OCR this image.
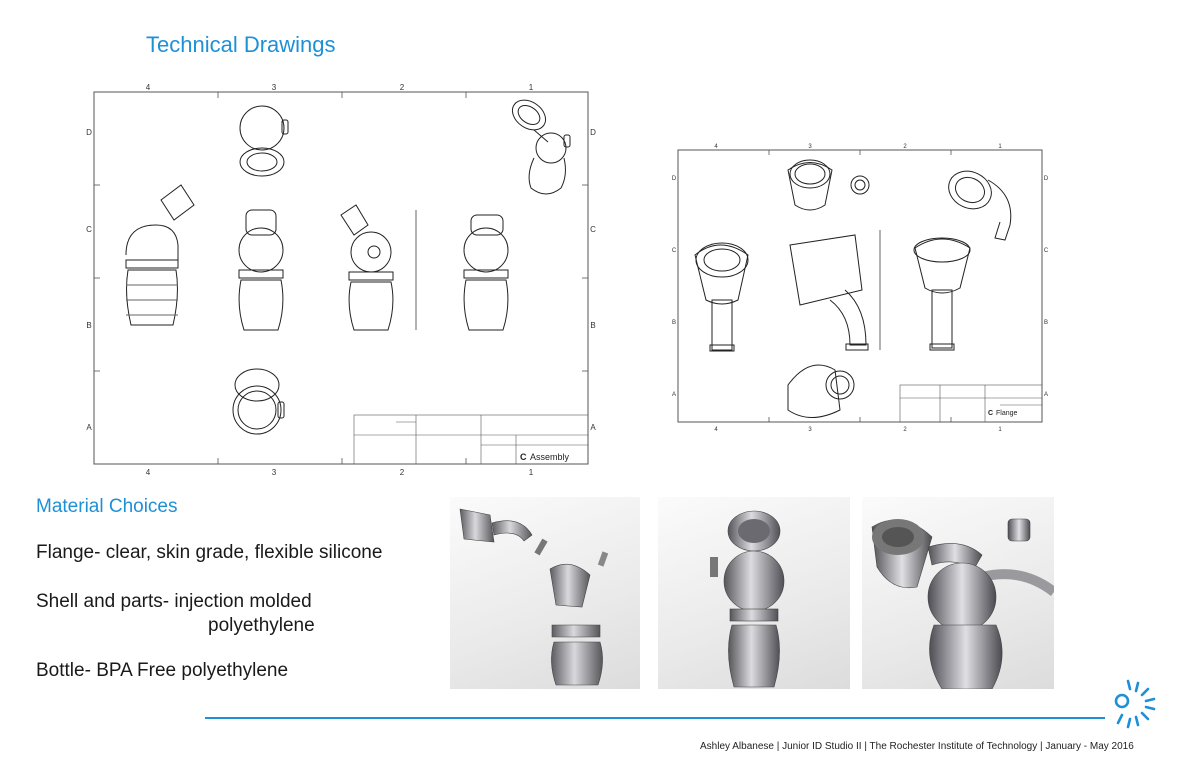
Technical Drawings
4	3	2	1
4	3	2	1
D
C
B
A
D
C
B
A
C Assembly
4	3	2	1
4	3	2	1
D
C
B
A
D
C
B
A
C Flange
Material Choices
Flange- clear, skin grade, flexible silicone
Shell and parts- injection molded
polyethylene
Bottle- BPA Free polyethylene
Ashley Albanese | Junior ID Studio II | The Rochester Institute of Technology | January - May 2016
